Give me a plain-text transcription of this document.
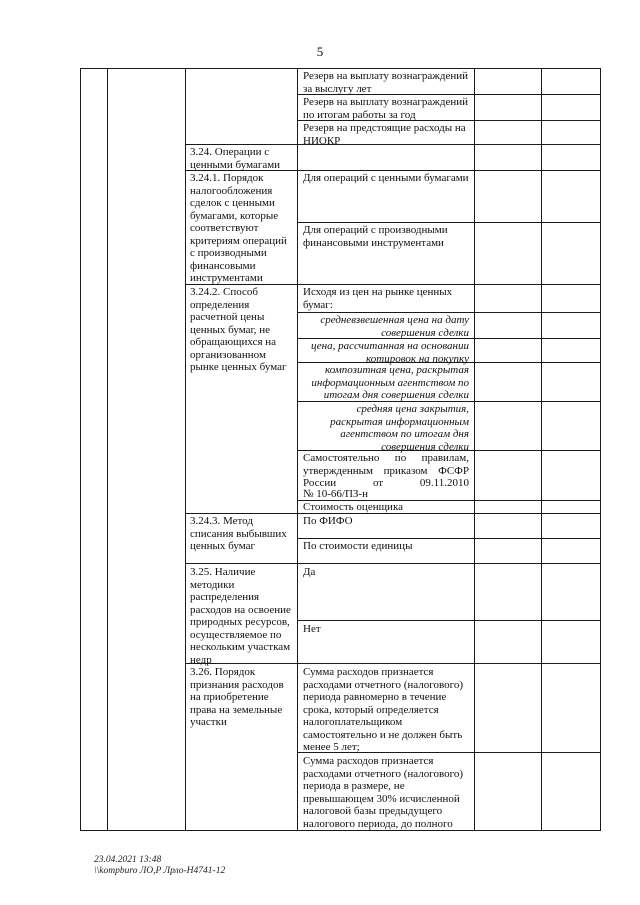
5
Резерв на выплату вознаграждений за выслугу лет
Резерв на выплату вознаграждений по итогам работы за год
Резерв на предстоящие расходы на НИОКР
3.24. Операции с ценными бумагами
3.24.1. Порядок налогообложения сделок с ценными бумагами, которые соответствуют критериям операций с производными финансовыми инструментами
Для операций с ценными бумагами
Для операций с производными финансовыми инструментами
3.24.2. Способ определения расчетной цены ценных бумаг, не обращающихся на организованном рынке ценных бумаг
Исходя из цен на рынке ценных бумаг:
средневзвешенная цена на дату совершения сделки
цена, рассчитанная на основании котировок на покупку
композитная цена, раскрытая информационным агентством по итогам дня совершения сделки
средняя цена закрытия, раскрытая информационным агентством по итогам дня совершения сделки
Самостоятельно по правилам, утвержденным приказом ФСФР России от 09.11.2010
№ 10-66/ПЗ-н
Стоимость оценщика
3.24.3. Метод списания выбывших ценных бумаг
По ФИФО
По стоимости единицы
3.25. Наличие методики распределения расходов на освоение природных ресурсов, осуществляемое по нескольким участкам недр
Да
Нет
3.26. Порядок признания расходов на приобретение права на земельные участки
Сумма расходов признается расходами отчетного (налогового) периода равномерно в течение срока, который определяется налогоплательщиком самостоятельно и не должен быть менее 5 лет;
Сумма расходов признается расходами отчетного (налогового) периода в размере, не превышающем 30% исчисленной налоговой базы предыдущего налогового периода, до полного
23.04.2021 13:48
\\kompburo ЛО,Р Лрло-Н4741-12
